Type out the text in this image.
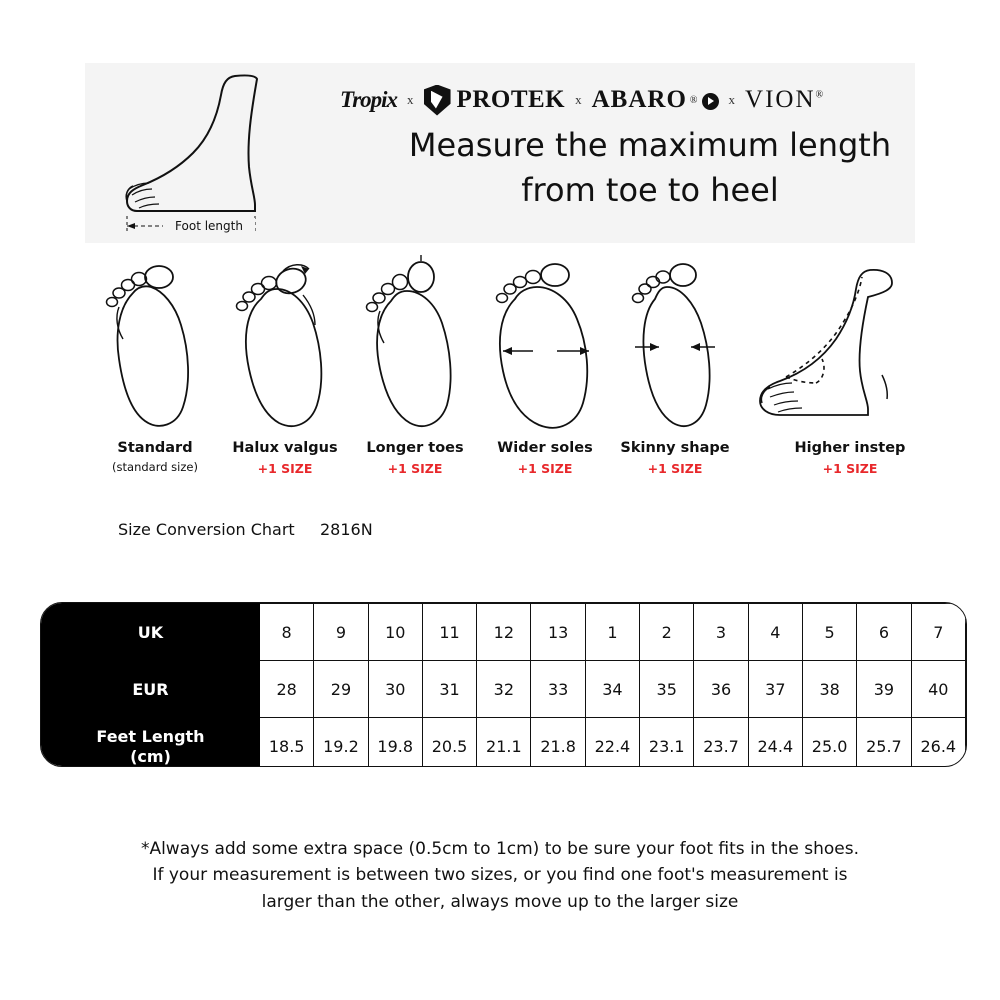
Foot length
Tropix x PROTEK x ABARO ® x VION®
Measure the maximum length
from toe to heel
Standard
(standard size)
Halux valgus
+1 SIZE
Longer toes
+1 SIZE
Wider soles
+1 SIZE
Skinny shape
+1 SIZE
Higher instep
+1 SIZE
Size Conversion Chart 2816N
UK	8	9	10	11	12	13	1	2	3	4	5	6	7
EUR	28	29	30	31	32	33	34	35	36	37	38	39	40

Feet Length
(cm)	18.5	19.2	19.8	20.5	21.1	21.8	22.4	23.1	23.7	24.4	25.0	25.7	26.4
*Always add some extra space (0.5cm to 1cm) to be sure your foot fits in the shoes.
If your measurement is between two sizes, or you find one foot's measurement is
larger than the other, always move up to the larger size
